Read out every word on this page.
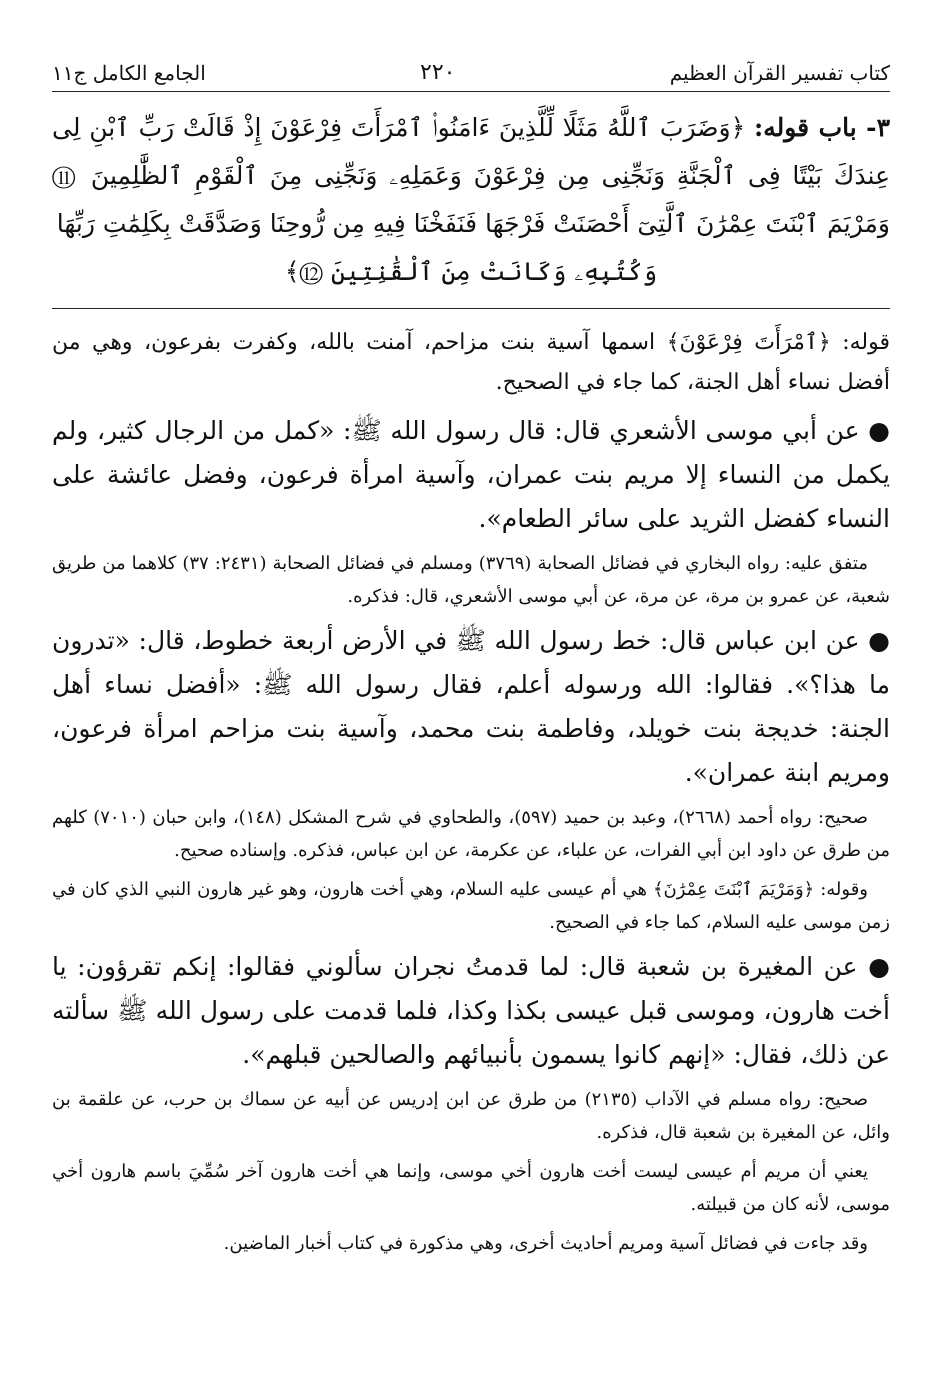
كتاب تفسير القرآن العظيم
٢٢٠
الجامع الكامل ج١١
٣- باب قوله: ﴿وَضَرَبَ ٱللَّهُ مَثَلًا لِّلَّذِينَ ءَامَنُوا۟ ٱمْرَأَتَ فِرْعَوْنَ إِذْ قَالَتْ رَبِّ ٱبْنِ لِى عِندَكَ بَيْتًا فِى ٱلْجَنَّةِ وَنَجِّنِى مِن فِرْعَوْنَ وَعَمَلِهِۦ وَنَجِّنِى مِنَ ٱلْقَوْمِ ٱلظَّٰلِمِينَ ⑪ وَمَرْيَمَ ٱبْنَتَ عِمْرَٰنَ ٱلَّتِىٓ أَحْصَنَتْ فَرْجَهَا فَنَفَخْنَا فِيهِ مِن رُّوحِنَا وَصَدَّقَتْ بِكَلِمَٰتِ رَبِّهَا
وَكُتُبِهِۦ وَكَانَتْ مِنَ ٱلْقَٰنِتِينَ ⑫﴾

قوله: ﴿ٱمْرَأَتَ فِرْعَوْنَ﴾ اسمها آسية بنت مزاحم، آمنت بالله، وكفرت بفرعون، وهي من أفضل نساء أهل الجنة، كما جاء في الصحيح.

● عن أبي موسى الأشعري قال: قال رسول الله ﷺ: «كمل من الرجال كثير، ولم يكمل من النساء إلا مريم بنت عمران، وآسية امرأة فرعون، وفضل عائشة على النساء كفضل الثريد على سائر الطعام».

متفق عليه: رواه البخاري في فضائل الصحابة (٣٧٦٩) ومسلم في فضائل الصحابة (٢٤٣١: ٣٧) كلاهما من طريق شعبة، عن عمرو بن مرة، عن مرة، عن أبي موسى الأشعري، قال: فذكره.

● عن ابن عباس قال: خط رسول الله ﷺ في الأرض أربعة خطوط، قال: «تدرون ما هذا؟». فقالوا: الله ورسوله أعلم، فقال رسول الله ﷺ: «أفضل نساء أهل الجنة: خديجة بنت خويلد، وفاطمة بنت محمد، وآسية بنت مزاحم امرأة فرعون، ومريم ابنة عمران».

صحيح: رواه أحمد (٢٦٦٨)، وعبد بن حميد (٥٩٧)، والطحاوي في شرح المشكل (١٤٨)، وابن حبان (٧٠١٠) كلهم من طرق عن داود ابن أبي الفرات، عن علباء، عن عكرمة، عن ابن عباس، فذكره. وإسناده صحيح.

وقوله: ﴿وَمَرْيَمَ ٱبْنَتَ عِمْرَٰنَ﴾ هي أم عيسى عليه السلام، وهي أخت هارون، وهو غير هارون النبي الذي كان في زمن موسى عليه السلام، كما جاء في الصحيح.

● عن المغيرة بن شعبة قال: لما قدمتُ نجران سألوني فقالوا: إنكم تقرؤون: يا أخت هارون، وموسى قبل عيسى بكذا وكذا، فلما قدمت على رسول الله ﷺ سألته عن ذلك، فقال: «إنهم كانوا يسمون بأنبيائهم والصالحين قبلهم».

صحيح: رواه مسلم في الآداب (٢١٣٥) من طرق عن ابن إدريس عن أبيه عن سماك بن حرب، عن علقمة بن وائل، عن المغيرة بن شعبة قال، فذكره.

يعني أن مريم أم عيسى ليست أخت هارون أخي موسى، وإنما هي أخت هارون آخر سُمِّيَ باسم هارون أخي موسى، لأنه كان من قبيلته.

وقد جاءت في فضائل آسية ومريم أحاديث أخرى، وهي مذكورة في كتاب أخبار الماضين.
